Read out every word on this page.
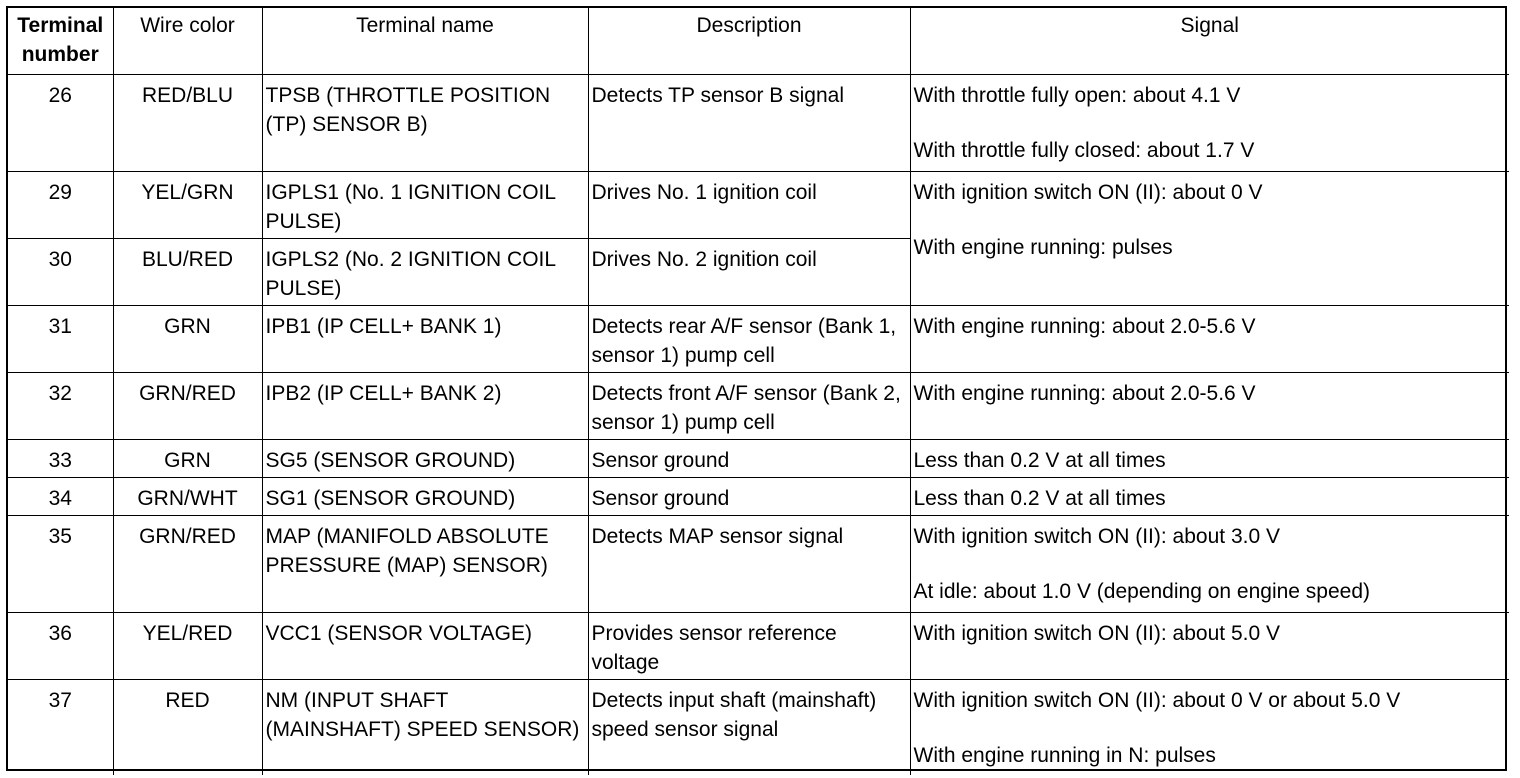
Terminal
number	Wire color	Terminal name	Description	Signal
26	RED/BLU	TPSB (THROTTLE POSITION (TP) SENSOR B)	Detects TP sensor B signal	With throttle fully open: about 4.1 V
With throttle fully closed: about 1.7 V

29	YEL/GRN	IGPLS1 (No. 1 IGNITION COIL PULSE)	Drives No. 1 ignition coil	With ignition switch ON (II): about 0 V
With engine running: pulses

30	BLU/RED	IGPLS2 (No. 2 IGNITION COIL PULSE)	Drives No. 2 ignition coil	
31	GRN	IPB1 (IP CELL+ BANK 1)	Detects rear A/F sensor (Bank 1, sensor 1) pump cell	With engine running: about 2.0-5.6 V

32	GRN/RED	IPB2 (IP CELL+ BANK 2)	Detects front A/F sensor (Bank 2, sensor 1) pump cell	With engine running: about 2.0-5.6 V

33	GRN	SG5 (SENSOR GROUND)	Sensor ground	Less than 0.2 V at all times

34	GRN/WHT	SG1 (SENSOR GROUND)	Sensor ground	Less than 0.2 V at all times

35	GRN/RED	MAP (MANIFOLD ABSOLUTE PRESSURE (MAP) SENSOR)	Detects MAP sensor signal	With ignition switch ON (II): about 3.0 V
At idle: about 1.0 V (depending on engine speed)

36	YEL/RED	VCC1 (SENSOR VOLTAGE)	Provides sensor reference voltage	With ignition switch ON (II): about 5.0 V

37	RED	NM (INPUT SHAFT (MAINSHAFT) SPEED SENSOR)	Detects input shaft (mainshaft) speed sensor signal	With ignition switch ON (II): about 0 V or about 5.0 V
With engine running in N: pulses
